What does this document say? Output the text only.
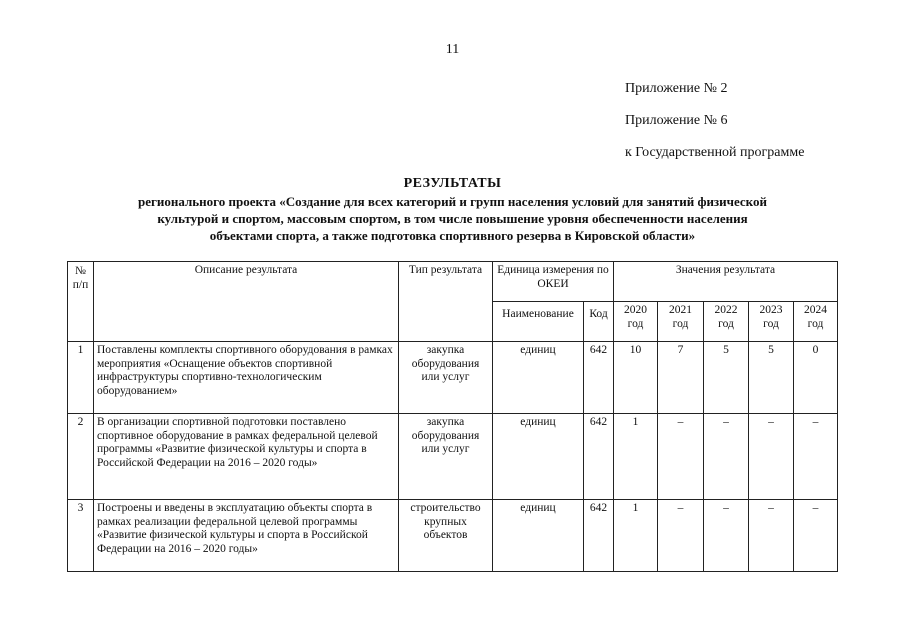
11
Приложение № 2
Приложение № 6
к Государственной программе
РЕЗУЛЬТАТЫ
регионального проекта «Создание для всех категорий и групп населения условий для занятий физической
культурой и спортом, массовым спортом, в том числе повышение уровня обеспеченности населения
объектами спорта, а также подготовка спортивного резерва в Кировской области»
№ п/п	Описание результата	Тип результата	Единица измерения по ОКЕИ		Значения результата				
			Наименование	Код	2020 год	2021 год	2022 год	2023 год	2024 год
1	Поставлены комплекты спортивного оборудования в рамках мероприятия «Оснащение объектов спортивной инфраструктуры спортивно-технологическим оборудованием»	закупка оборудования или услуг	единиц	642	10	7	5	5	0
2	В организации спортивной подготовки поставлено спортивное оборудование в рамках федеральной целевой программы «Развитие физической культуры и спорта в Российской Федерации на 2016 – 2020 годы»	закупка оборудования или услуг	единиц	642	1	–	–	–	–
3	Построены и введены в эксплуатацию объекты спорта в рамках реализации федеральной целевой программы «Развитие физической культуры и спорта в Российской Федерации на 2016 – 2020 годы»	строительство крупных объектов	единиц	642	1	–	–	–	–
